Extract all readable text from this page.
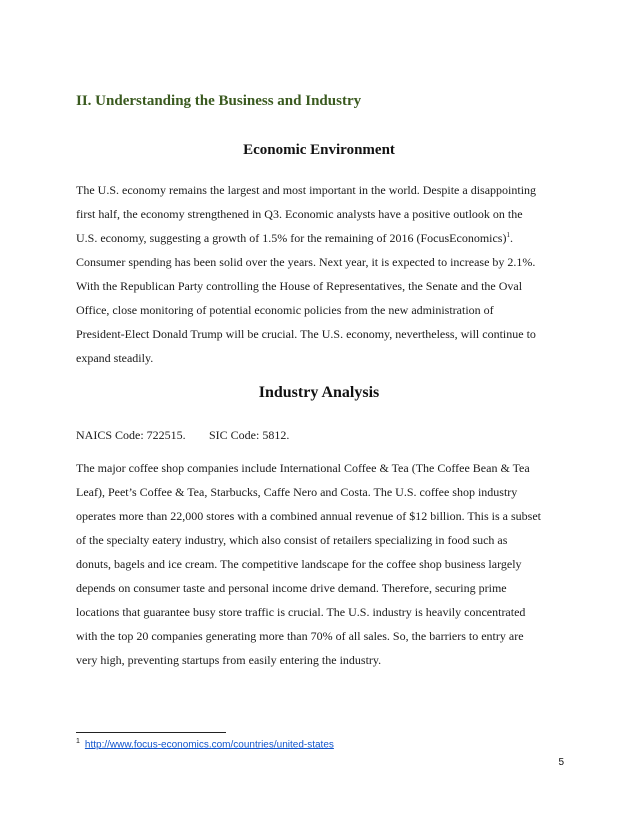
II. Understanding the Business and Industry
Economic Environment
The U.S. economy remains the largest and most important in the world. Despite a disappointing
first half, the economy strengthened in Q3. Economic analysts have a positive outlook on the
U.S. economy, suggesting a growth of 1.5% for the remaining of 2016 (FocusEconomics)$^1$.
Consumer spending has been solid over the years. Next year, it is expected to increase by 2.1%.
With the Republican Party controlling the House of Representatives, the Senate and the Oval
Office, close monitoring of potential economic policies from the new administration of
President-Elect Donald Trump will be crucial. The U.S. economy, nevertheless, will continue to
expand steadily.
Industry Analysis
NAICS Code: 722515. SIC Code: 5812.
The major coffee shop companies include International Coffee & Tea (The Coffee Bean & Tea
Leaf), Peet’s Coffee & Tea, Starbucks, Caffe Nero and Costa. The U.S. coffee shop industry
operates more than 22,000 stores with a combined annual revenue of $12 billion. This is a subset
of the specialty eatery industry, which also consist of retailers specializing in food such as
donuts, bagels and ice cream. The competitive landscape for the coffee shop business largely
depends on consumer taste and personal income drive demand. Therefore, securing prime
locations that guarantee busy store traffic is crucial. The U.S. industry is heavily concentrated
with the top 20 companies generating more than 70% of all sales. So, the barriers to entry are
very high, preventing startups from easily entering the industry.
$^1$ http://www.focus-economics.com/countries/united-states
5
